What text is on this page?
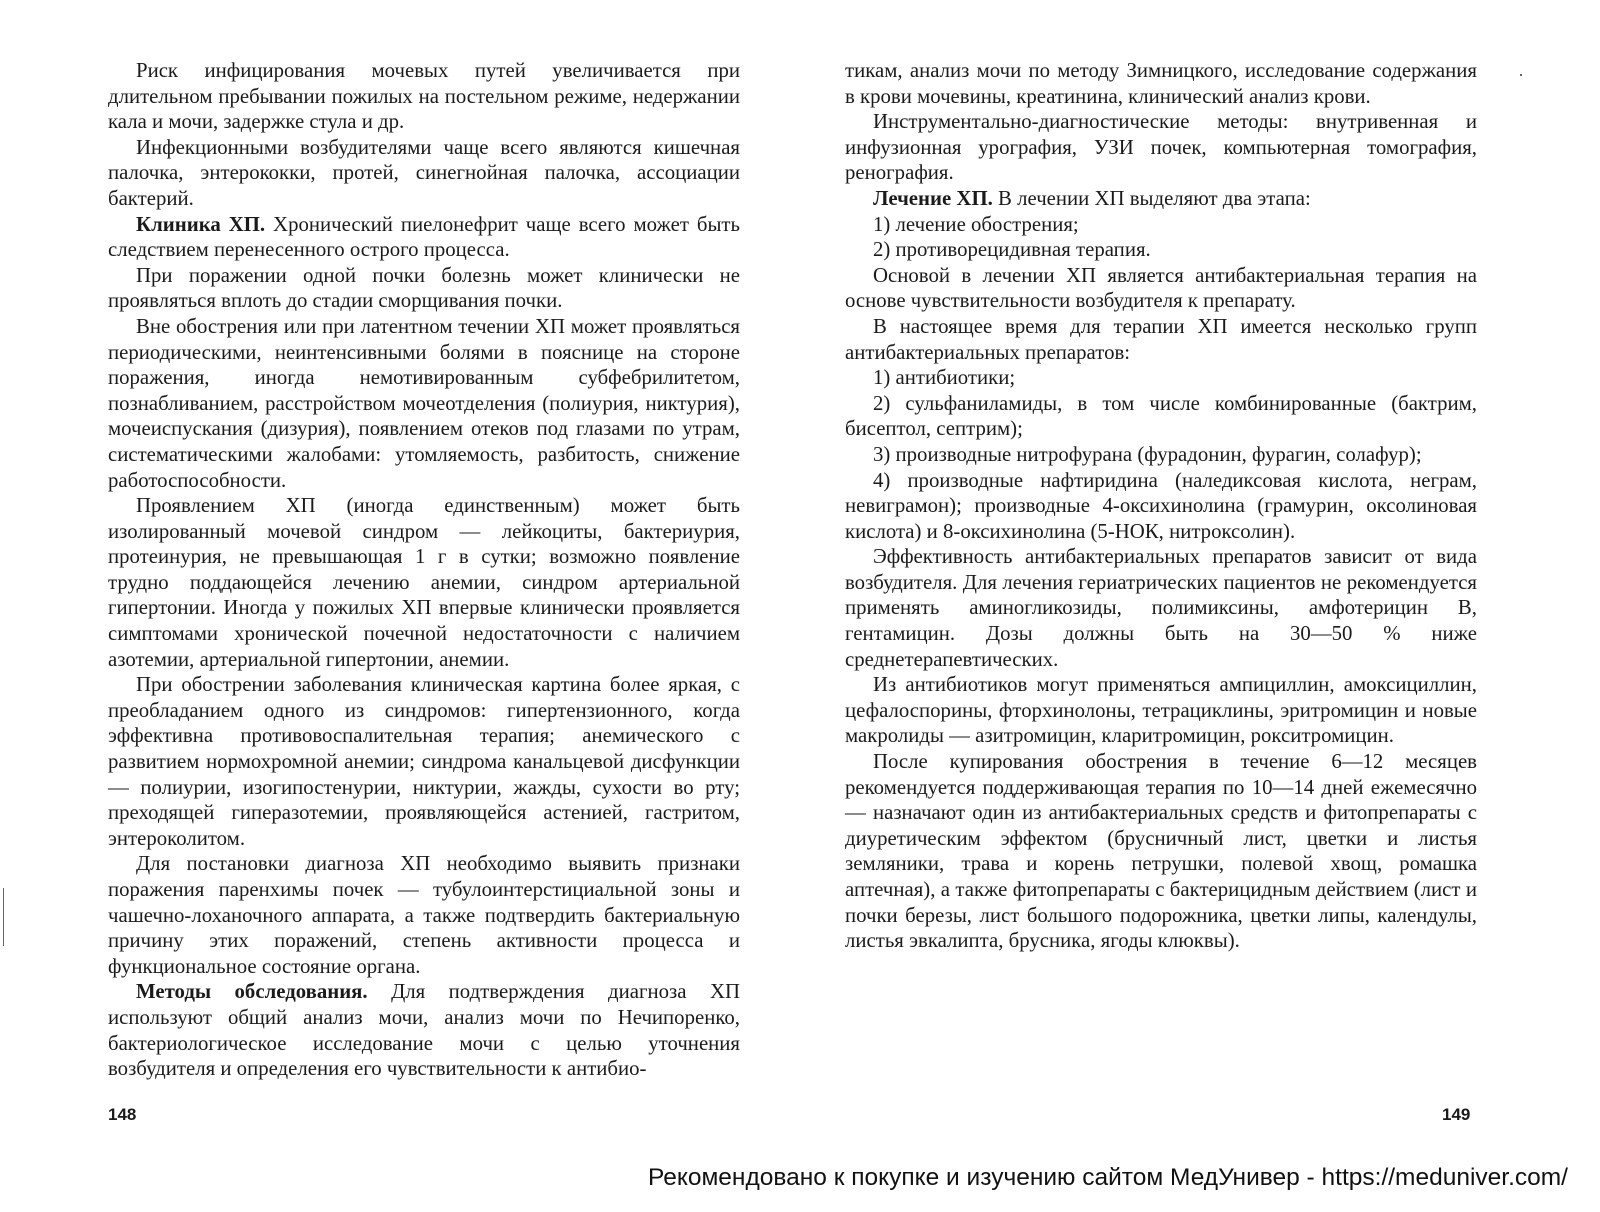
Риск инфицирования мочевых путей увеличивается при длительном пребывании пожилых на постельном режиме, недержании кала и мочи, задержке стула и др.

Инфекционными возбудителями чаще всего являются кишечная палочка, энтерококки, протей, синегнойная палочка, ассоциации бактерий.

Клиника ХП. Хронический пиелонефрит чаще всего может быть следствием перенесенного острого процесса.

При поражении одной почки болезнь может клинически не проявляться вплоть до стадии сморщивания почки.

Вне обострения или при латентном течении ХП может проявляться периодическими, неинтенсивными болями в пояснице на стороне поражения, иногда немотивированным субфебрилитетом, познабливанием, расстройством мочеотделения (полиурия, никтурия), мочеиспускания (дизурия), появлением отеков под глазами по утрам, систематическими жалобами: утомляемость, разбитость, снижение работоспособности.

Проявлением ХП (иногда единственным) может быть изолированный мочевой синдром — лейкоциты, бактериурия, протеинурия, не превышающая 1 г в сутки; возможно появление трудно поддающейся лечению анемии, синдром артериальной гипертонии. Иногда у пожилых ХП впервые клинически проявляется симптомами хронической почечной недостаточности с наличием азотемии, артериальной гипертонии, анемии.

При обострении заболевания клиническая картина более яркая, с преобладанием одного из синдромов: гипертензионного, когда эффективна противовоспалительная терапия; анемического с развитием нормохромной анемии; синдрома канальцевой дисфункции — полиурии, изогипостенурии, никтурии, жажды, сухости во рту; преходящей гиперазотемии, проявляющейся астенией, гастритом, энтероколитом.

Для постановки диагноза ХП необходимо выявить признаки поражения паренхимы почек — тубулоинтерстициальной зоны и чашечно-лоханочного аппарата, а также подтвердить бактериальную причину этих поражений, степень активности процесса и функциональное состояние органа.

Методы обследования. Для подтверждения диагноза ХП используют общий анализ мочи, анализ мочи по Нечипоренко, бактериологическое исследование мочи с целью уточнения возбудителя и определения его чувствительности к антибио-

148

тикам, анализ мочи по методу Зимницкого, исследование содержания в крови мочевины, креатинина, клинический анализ крови.

Инструментально-диагностические методы: внутривенная и инфузионная урография, УЗИ почек, компьютерная томография, ренография.

Лечение ХП. В лечении ХП выделяют два этапа:

1) лечение обострения;

2) противорецидивная терапия.

Основой в лечении ХП является антибактериальная терапия на основе чувствительности возбудителя к препарату.

В настоящее время для терапии ХП имеется несколько групп антибактериальных препаратов:

1) антибиотики;

2) сульфаниламиды, в том числе комбинированные (бактрим, бисептол, септрим);

3) производные нитрофурана (фурадонин, фурагин, солафур);

4) производные нафтиридина (наледиксовая кислота, неграм, невиграмон); производные 4-оксихинолина (грамурин, оксолиновая кислота) и 8-оксихинолина (5-НОК, нитроксолин).

Эффективность антибактериальных препаратов зависит от вида возбудителя. Для лечения гериатрических пациентов не рекомендуется применять аминогликозиды, полимиксины, амфотерицин В, гентамицин. Дозы должны быть на 30—50 % ниже среднетерапевтических.

Из антибиотиков могут применяться ампициллин, амоксициллин, цефалоспорины, фторхинолоны, тетрациклины, эритромицин и новые макролиды — азитромицин, кларитромицин, рокситромицин.

После купирования обострения в течение 6—12 месяцев рекомендуется поддерживающая терапия по 10—14 дней ежемесячно — назначают один из антибактериальных средств и фитопрепараты с диуретическим эффектом (брусничный лист, цветки и листья земляники, трава и корень петрушки, полевой хвощ, ромашка аптечная), а также фитопрепараты с бактерицидным действием (лист и почки березы, лист большого подорожника, цветки липы, календулы, листья эвкалипта, брусника, ягоды клюквы).

149
Рекомендовано к покупке и изучению сайтом МедУнивер - https://meduniver.com/
